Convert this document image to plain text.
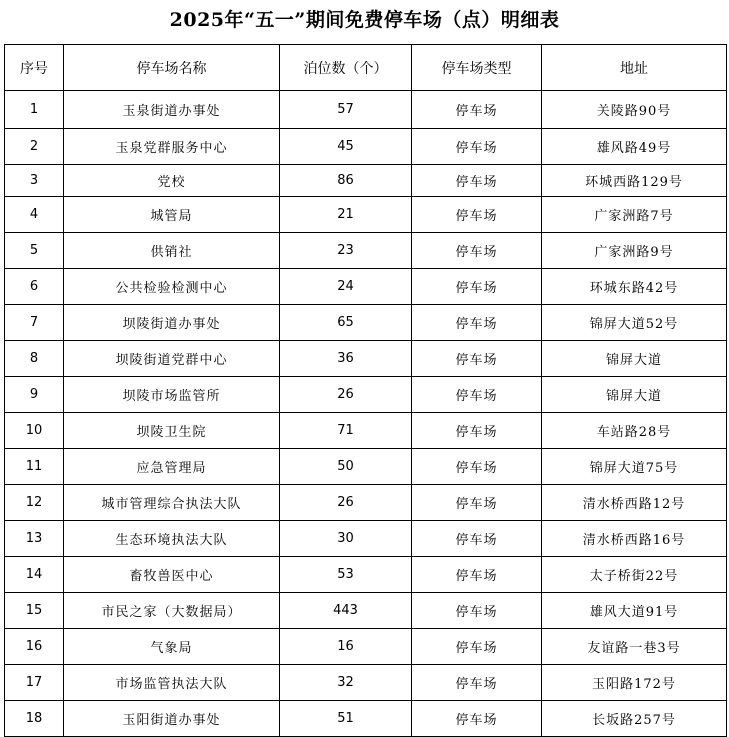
2025年“五一”期间免费停车场（点）明细表
序号	停车场名称	泊位数（个）	停车场类型	地址
1	玉泉街道办事处	57	停车场	关陵路90号
2	玉泉党群服务中心	45	停车场	雄风路49号
3	党校	86	停车场	环城西路129号
4	城管局	21	停车场	广家洲路7号
5	供销社	23	停车场	广家洲路9号
6	公共检验检测中心	24	停车场	环城东路42号
7	坝陵街道办事处	65	停车场	锦屏大道52号
8	坝陵街道党群中心	36	停车场	锦屏大道
9	坝陵市场监管所	26	停车场	锦屏大道
10	坝陵卫生院	71	停车场	车站路28号
11	应急管理局	50	停车场	锦屏大道75号
12	城市管理综合执法大队	26	停车场	清水桥西路12号
13	生态环境执法大队	30	停车场	清水桥西路16号
14	畜牧兽医中心	53	停车场	太子桥街22号
15	市民之家（大数据局）	443	停车场	雄风大道91号
16	气象局	16	停车场	友谊路一巷3号
17	市场监管执法大队	32	停车场	玉阳路172号
18	玉阳街道办事处	51	停车场	长坂路257号
